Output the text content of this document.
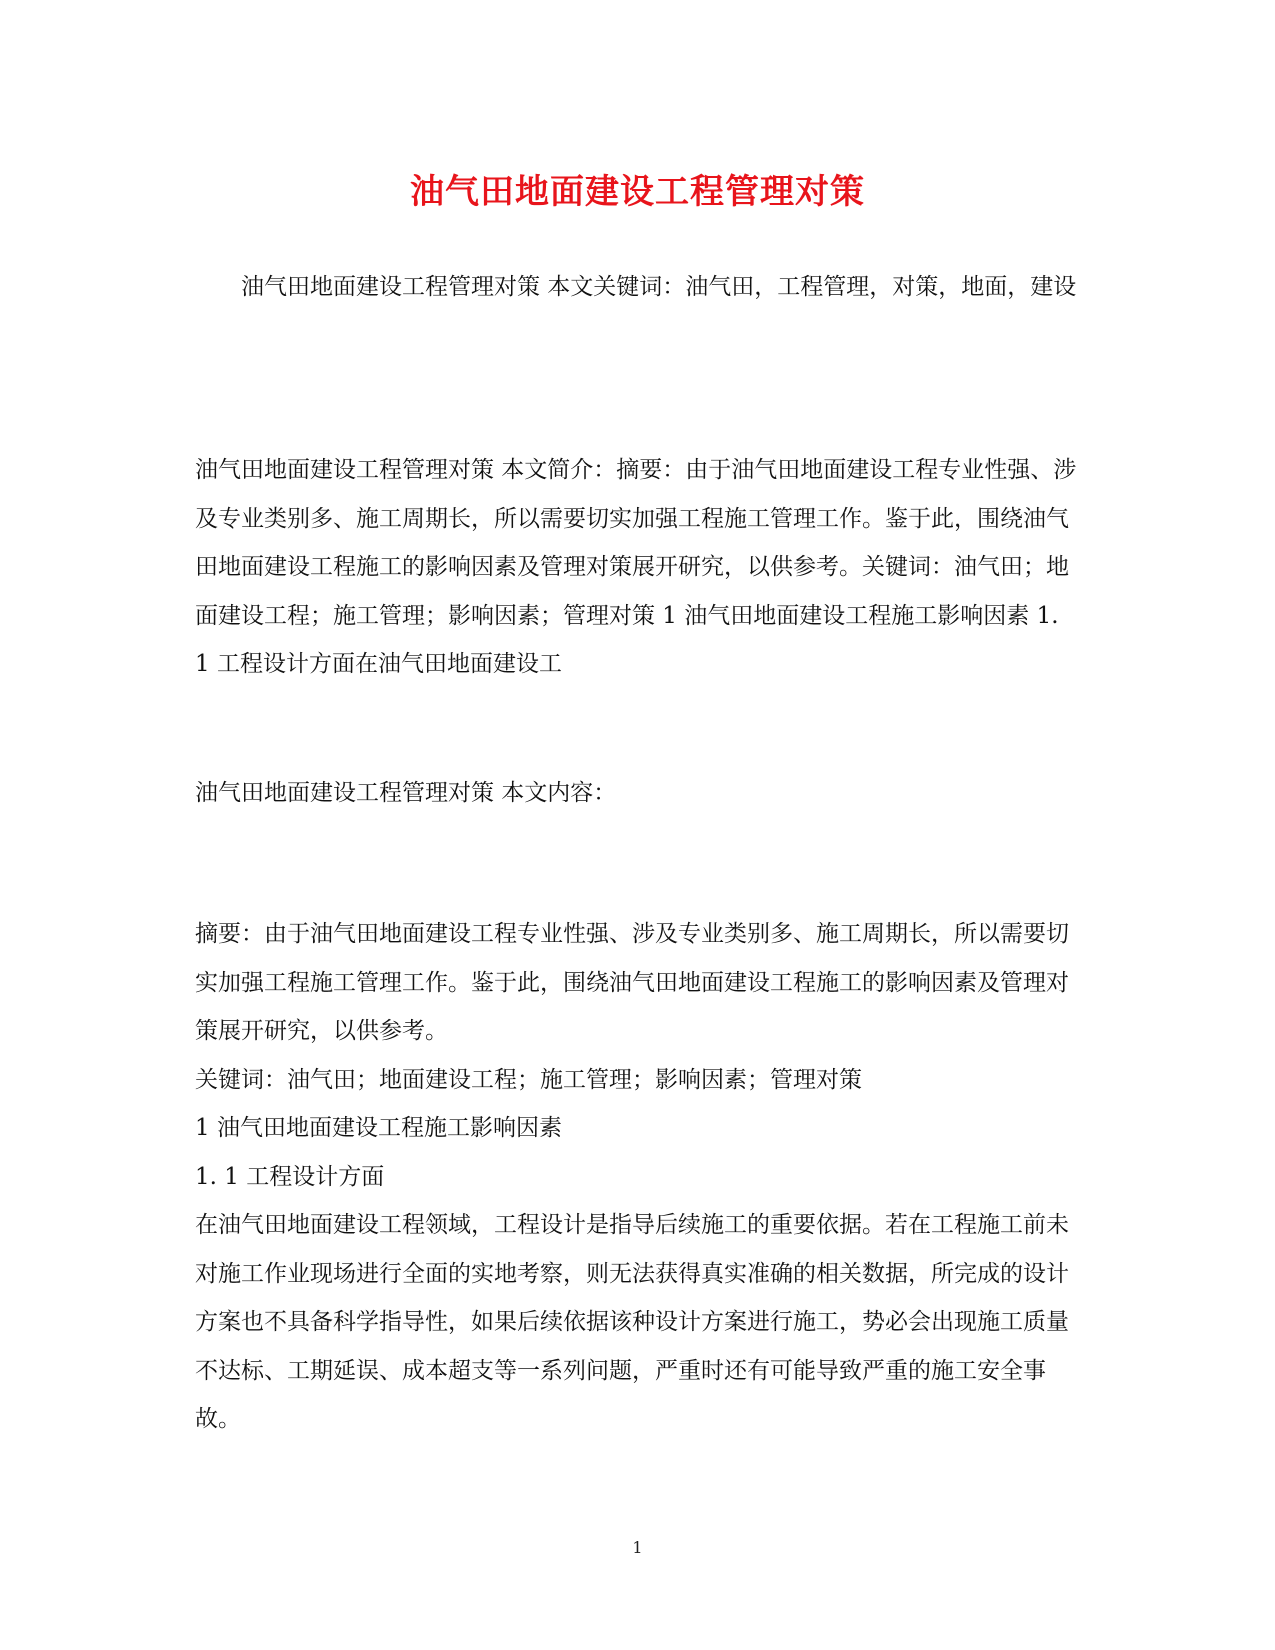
油气田地面建设工程管理对策

油气田地面建设工程管理对策 本文关键词：油气田，工程管理，对策，地面，建设

油气田地面建设工程管理对策 本文简介：摘要：由于油气田地面建设工程专业性强、涉及专业类别多、施工周期长，所以需要切实加强工程施工管理工作。鉴于此，围绕油气田地面建设工程施工的影响因素及管理对策展开研究，以供参考。关键词：油气田；地面建设工程；施工管理；影响因素；管理对策 1 油气田地面建设工程施工影响因素 1. 1 工程设计方面在油气田地面建设工

油气田地面建设工程管理对策 本文内容：

摘要：由于油气田地面建设工程专业性强、涉及专业类别多、施工周期长，所以需要切实加强工程施工管理工作。鉴于此，围绕油气田地面建设工程施工的影响因素及管理对策展开研究，以供参考。

关键词：油气田；地面建设工程；施工管理；影响因素；管理对策

1 油气田地面建设工程施工影响因素

1. 1 工程设计方面

在油气田地面建设工程领域，工程设计是指导后续施工的重要依据。若在工程施工前未对施工作业现场进行全面的实地考察，则无法获得真实准确的相关数据，所完成的设计方案也不具备科学指导性，如果后续依据该种设计方案进行施工，势必会出现施工质量不达标、工期延误、成本超支等一系列问题，严重时还有可能导致严重的施工安全事故。

1
